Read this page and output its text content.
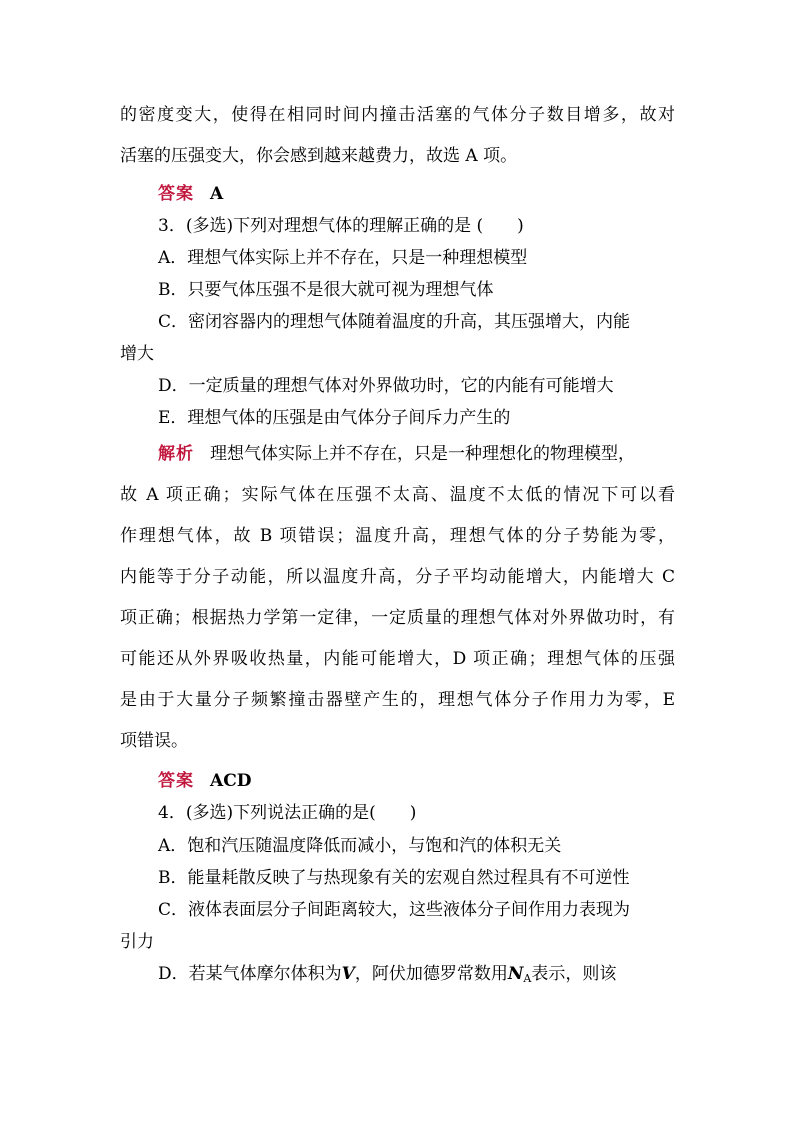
的密度变大，使得在相同时间内撞击活塞的气体分子数目增多，故对
活塞的压强变大，你会感到越来越费力，故选 A 项。
答案 A
3．(多选)下列对理想气体的理解正确的是 (　　)
A．理想气体实际上并不存在，只是一种理想模型
B．只要气体压强不是很大就可视为理想气体
C．密闭容器内的理想气体随着温度的升高，其压强增大，内能
增大
D．一定质量的理想气体对外界做功时，它的内能有可能增大
E．理想气体的压强是由气体分子间斥力产生的
解析 理想气体实际上并不存在，只是一种理想化的物理模型，
故 A 项正确；实际气体在压强不太高、温度不太低的情况下可以看
作理想气体，故 B 项错误；温度升高，理想气体的分子势能为零，
内能等于分子动能，所以温度升高，分子平均动能增大，内能增大 C
项正确；根据热力学第一定律，一定质量的理想气体对外界做功时，有
可能还从外界吸收热量，内能可能增大，D 项正确；理想气体的压强
是由于大量分子频繁撞击器壁产生的，理想气体分子作用力为零，E
项错误。
答案 ACD
4．(多选)下列说法正确的是(　　)
A．饱和汽压随温度降低而减小，与饱和汽的体积无关
B．能量耗散反映了与热现象有关的宏观自然过程具有不可逆性
C．液体表面层分子间距离较大，这些液体分子间作用力表现为
引力
D．若某气体摩尔体积为V，阿伏加德罗常数用$N_A$表示，则该
